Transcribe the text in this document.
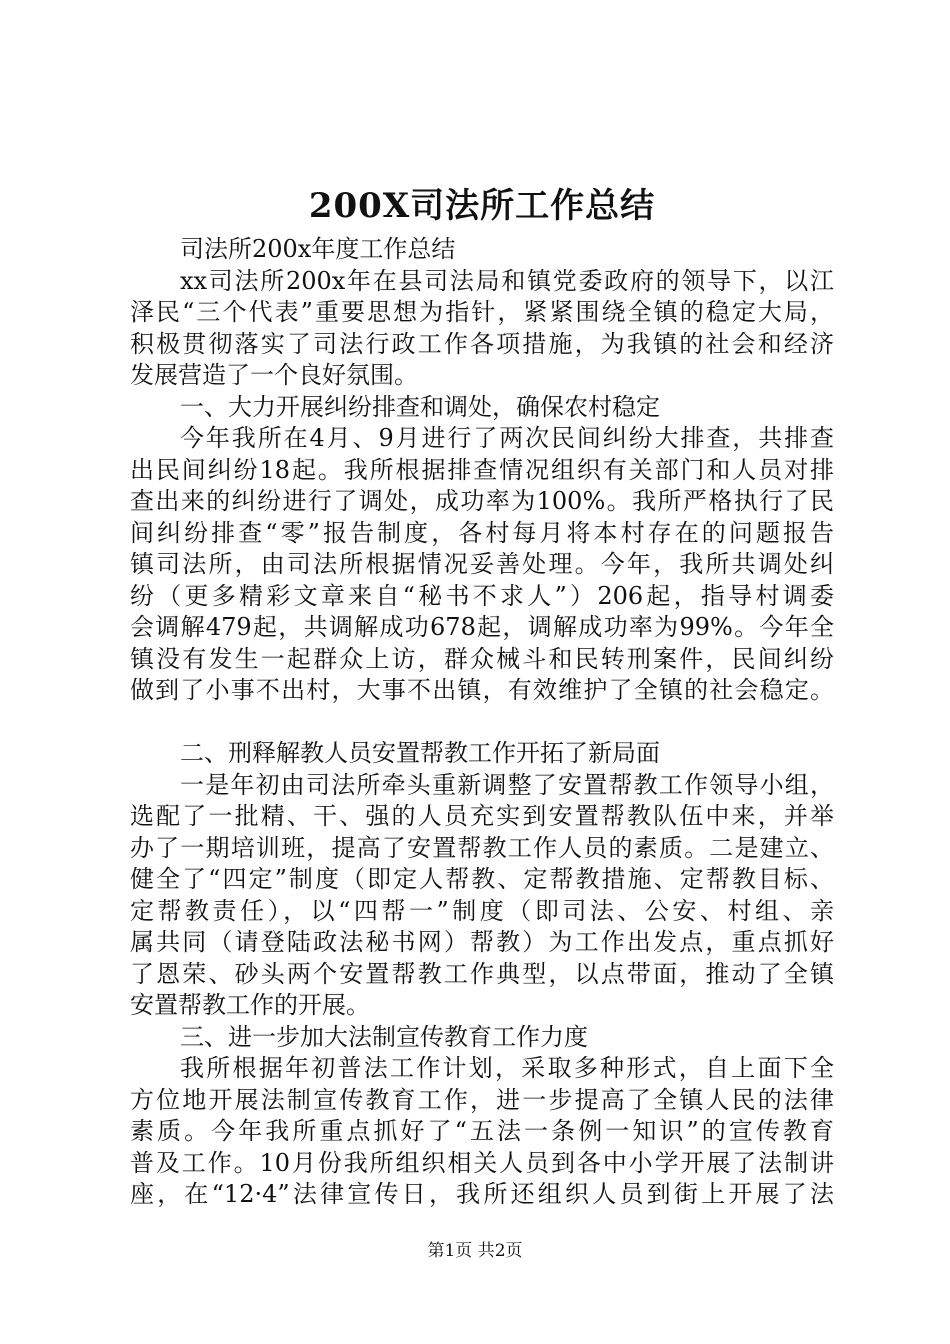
200X司法所工作总结
司法所200x年度工作总结
xx司法所200x年在县司法局和镇党委政府的领导下，以江
泽民“三个代表”重要思想为指针，紧紧围绕全镇的稳定大局，
积极贯彻落实了司法行政工作各项措施，为我镇的社会和经济
发展营造了一个良好氛围。
一、大力开展纠纷排查和调处，确保农村稳定
今年我所在4月、9月进行了两次民间纠纷大排查，共排查
出民间纠纷18起。我所根据排查情况组织有关部门和人员对排
查出来的纠纷进行了调处，成功率为100%。我所严格执行了民
间纠纷排查“零”报告制度，各村每月将本村存在的问题报告
镇司法所，由司法所根据情况妥善处理。今年，我所共调处纠
纷（更多精彩文章来自“秘书不求人”）206起，指导村调委
会调解479起，共调解成功678起，调解成功率为99%。今年全
镇没有发生一起群众上访，群众械斗和民转刑案件，民间纠纷
做到了小事不出村，大事不出镇，有效维护了全镇的社会稳定。
二、刑释解教人员安置帮教工作开拓了新局面
一是年初由司法所牵头重新调整了安置帮教工作领导小组，
选配了一批精、干、强的人员充实到安置帮教队伍中来，并举
办了一期培训班，提高了安置帮教工作人员的素质。二是建立、
健全了“四定”制度（即定人帮教、定帮教措施、定帮教目标、
定帮教责任），以“四帮一”制度（即司法、公安、村组、亲
属共同（请登陆政法秘书网）帮教）为工作出发点，重点抓好
了恩荣、砂头两个安置帮教工作典型，以点带面，推动了全镇
安置帮教工作的开展。
三、进一步加大法制宣传教育工作力度
我所根据年初普法工作计划，采取多种形式，自上面下全
方位地开展法制宣传教育工作，进一步提高了全镇人民的法律
素质。今年我所重点抓好了“五法一条例一知识”的宣传教育
普及工作。10月份我所组织相关人员到各中小学开展了法制讲
座，在“12·4”法律宣传日，我所还组织人员到街上开展了法
第1页 共2页
